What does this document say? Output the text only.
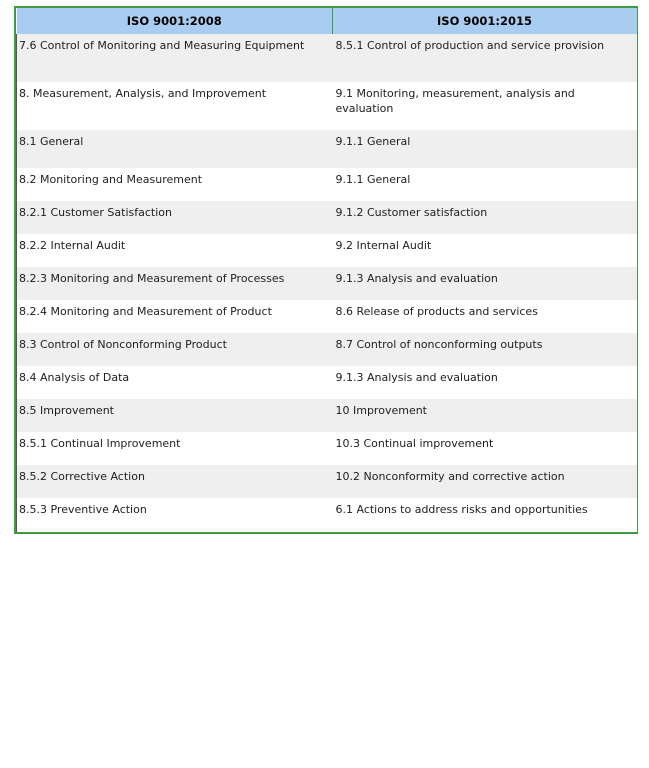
ISO 9001:2008	ISO 9001:2015
7.6 Control of Monitoring and Measuring Equipment	8.5.1 Control of production and service provision
8. Measurement, Analysis, and Improvement	9.1 Monitoring, measurement, analysis and evaluation
8.1 General	9.1.1 General
8.2 Monitoring and Measurement	9.1.1 General
8.2.1 Customer Satisfaction	9.1.2 Customer satisfaction
8.2.2 Internal Audit	9.2 Internal Audit
8.2.3 Monitoring and Measurement of Processes	9.1.3 Analysis and evaluation
8.2.4 Monitoring and Measurement of Product	8.6 Release of products and services
8.3 Control of Nonconforming Product	8.7 Control of nonconforming outputs
8.4 Analysis of Data	9.1.3 Analysis and evaluation
8.5 Improvement	10 Improvement
8.5.1 Continual Improvement	10.3 Continual improvement
8.5.2 Corrective Action	10.2 Nonconformity and corrective action
8.5.3 Preventive Action	6.1 Actions to address risks and opportunities
